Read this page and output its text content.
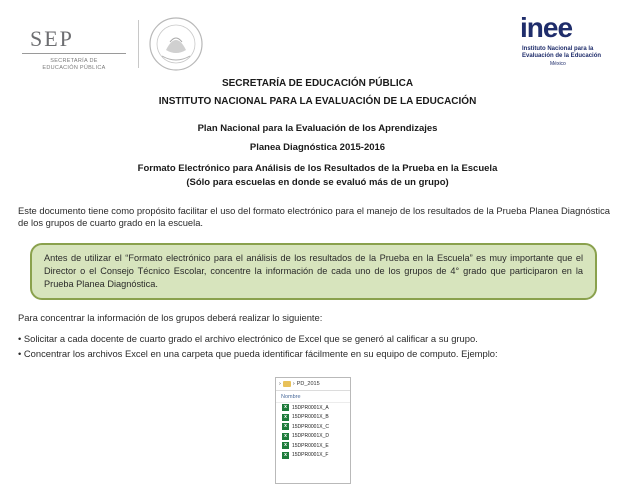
SEP
SECRETARÍA DE
EDUCACIÓN PÚBLICA
inee
Instituto Nacional para la
Evaluación de la Educación
México
SECRETARÍA DE EDUCACIÓN PÚBLICA
INSTITUTO NACIONAL PARA LA EVALUACIÓN DE LA EDUCACIÓN
Plan Nacional para la Evaluación de los Aprendizajes
Planea Diagnóstica 2015-2016
Formato Electrónico para Análisis de los Resultados de la Prueba en la Escuela
(Sólo para escuelas en donde se evaluó más de un grupo)
Este documento tiene como propósito facilitar el uso del formato electrónico para el manejo de los resultados de la Prueba Planea Diagnóstica de los grupos de cuarto grado en la escuela.
Antes de utilizar el “Formato electrónico para el análisis de los resultados de la Prueba en la Escuela” es muy importante que el Director o el Consejo Técnico Escolar, concentre la información de cada uno de los grupos de 4° grado que participaron en la Prueba Planea Diagnóstica.
Para concentrar la información de los grupos deberá realizar lo siguiente:
• Solicitar a cada docente de cuarto grado el archivo electrónico de Excel que se generó al calificar a su grupo.
• Concentrar los archivos Excel en una carpeta que pueda identificar fácilmente en su equipo de computo. Ejemplo:
› › PD_2015
Nombre
x	15DPR0001X_A
x	15DPR0001X_B
x	15DPR0001X_C
x	15DPR0001X_D
x	15DPR0001X_E
x	15DPR0001X_F
